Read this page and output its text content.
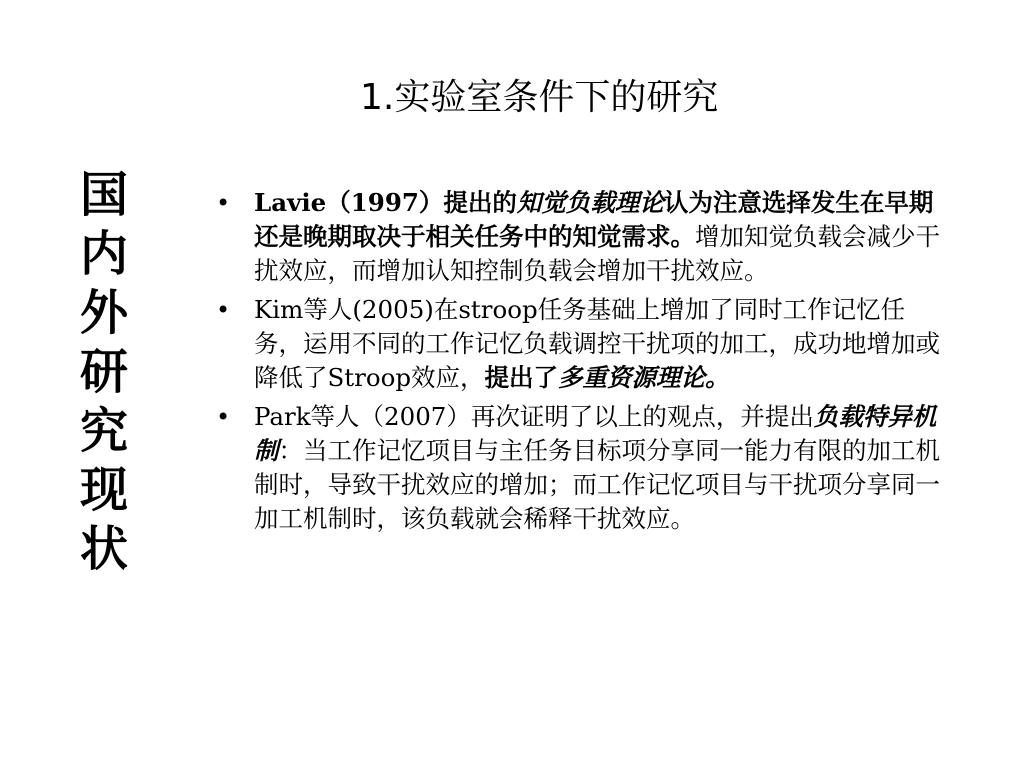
1.实验室条件下的研究
国内外研究现状
• Lavie（1997）提出的知觉负载理论认为注意选择发生在早期还是晚期取决于相关任务中的知觉需求。增加知觉负载会减少干扰效应，而增加认知控制负载会增加干扰效应。
• Kim等人(2005)在stroop任务基础上增加了同时工作记忆任务，运用不同的工作记忆负载调控干扰项的加工，成功地增加或降低了Stroop效应，提出了多重资源理论。
• Park等人（2007）再次证明了以上的观点，并提出负载特异机制：当工作记忆项目与主任务目标项分享同一能力有限的加工机制时，导致干扰效应的增加；而工作记忆项目与干扰项分享同一加工机制时，该负载就会稀释干扰效应。
